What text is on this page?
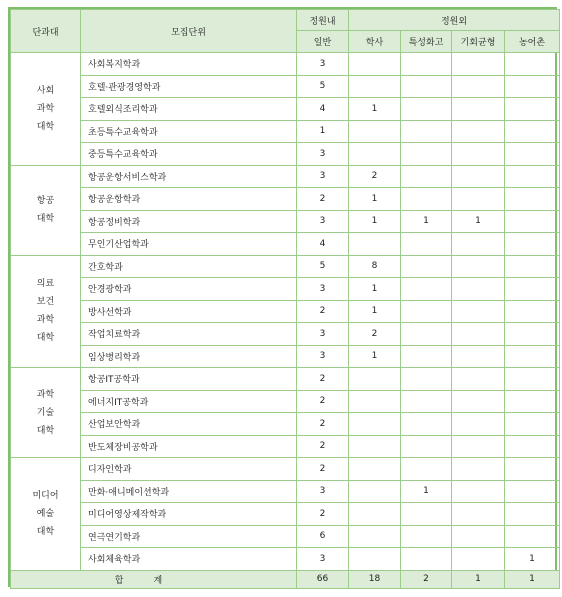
단과대	모집단위	정원내	정원외			
		일반	학사	특성화고	기회균형	농어촌

사회
과학
대학	사회복지학과	3				
	호텔·관광경영학과	5				
	호텔외식조리학과	4	1			
	초등특수교육학과	1				
	중등특수교육학과	3				

항공
대학	항공운항서비스학과	3	2			
	항공운항학과	2	1			
	항공정비학과	3	1	1	1	
	무인기산업학과	4				

의료
보건
과학
대학	간호학과	5	8			
	안경광학과	3	1			
	방사선학과	2	1			
	작업치료학과	3	2			
	임상병리학과	3	1			

과학
기술
대학	항공IT공학과	2				
	에너지IT공학과	2				
	산업보안학과	2				
	반도체장비공학과	2				

미디어
예술
대학	디자인학과	2				
	만화·애니메이션학과	3		1		
	미디어영상제작학과	2				
	연극연기학과	6				
	사회체육학과	3				1
합계		66	18	2	1	1
